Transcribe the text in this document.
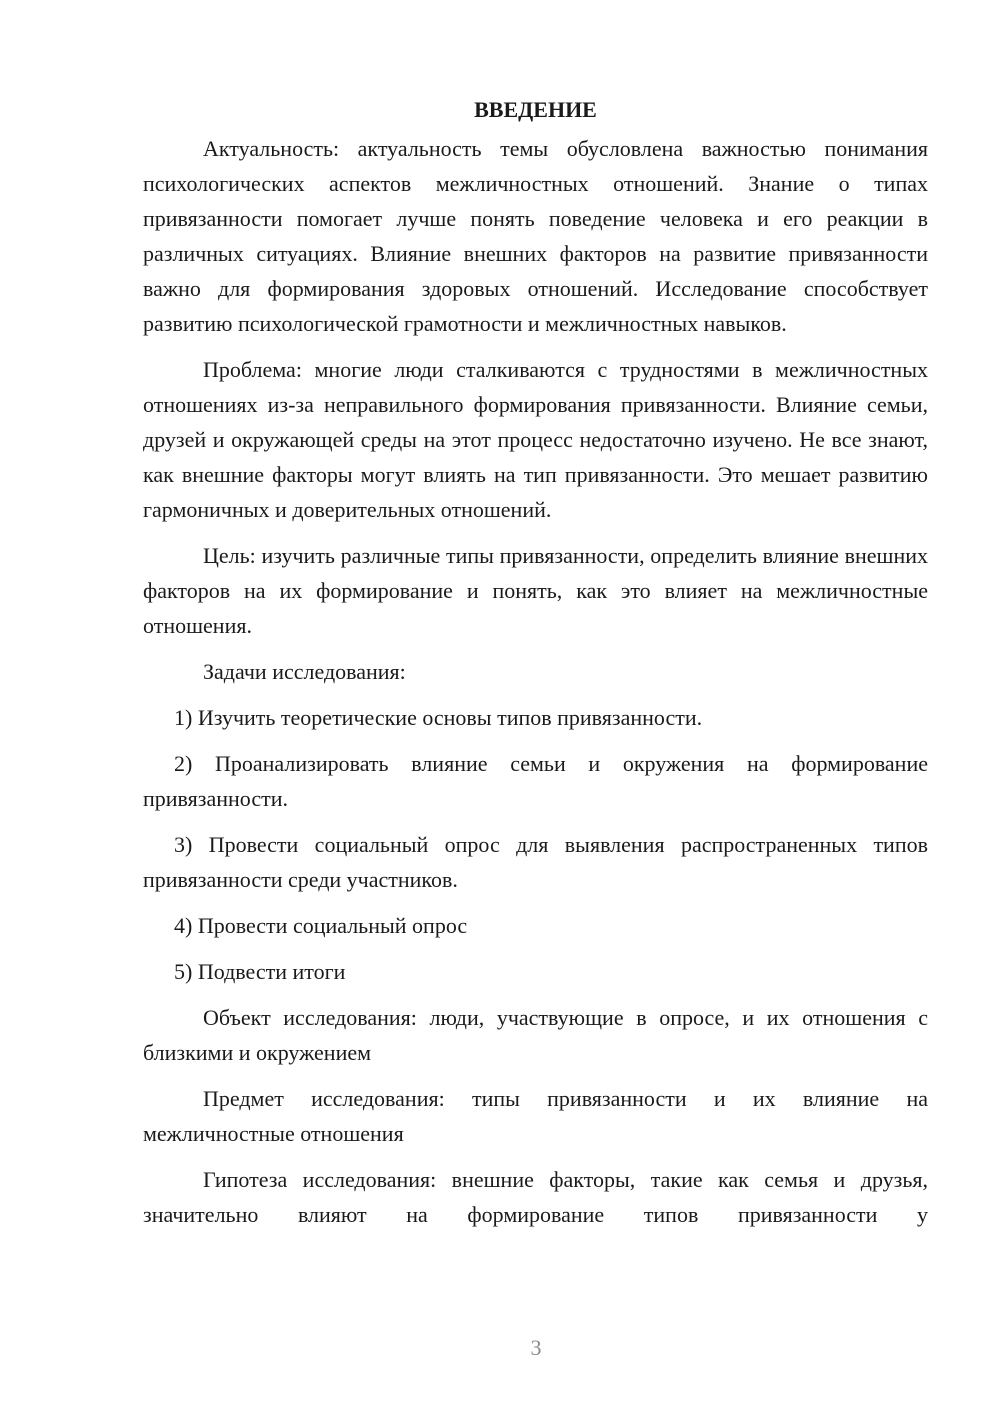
ВВЕДЕНИЕ

Актуальность: актуальность темы обусловлена важностью понимания психологических аспектов межличностных отношений. Знание о типах привязанности помогает лучше понять поведение человека и его реакции в различных ситуациях. Влияние внешних факторов на развитие привязанности важно для формирования здоровых отношений. Исследование способствует развитию психологической грамотности и межличностных навыков.

Проблема: многие люди сталкиваются с трудностями в межличностных отношениях из-за неправильного формирования привязанности. Влияние семьи, друзей и окружающей среды на этот процесс недостаточно изучено. Не все знают, как внешние факторы могут влиять на тип привязанности. Это мешает развитию гармоничных и доверительных отношений.

Цель: изучить различные типы привязанности, определить влияние внешних факторов на их формирование и понять, как это влияет на межличностные отношения.

Задачи исследования:

1) Изучить теоретические основы типов привязанности.

2) Проанализировать влияние семьи и окружения на формирование привязанности.

3) Провести социальный опрос для выявления распространенных типов привязанности среди участников.

4) Провести социальный опрос

5) Подвести итоги

Объект исследования: люди, участвующие в опросе, и их отношения с близкими и окружением

Предмет исследования: типы привязанности и их влияние на межличностные отношения

Гипотеза исследования: внешние факторы, такие как семья и друзья, значительно влияют на формирование типов привязанности у

3
